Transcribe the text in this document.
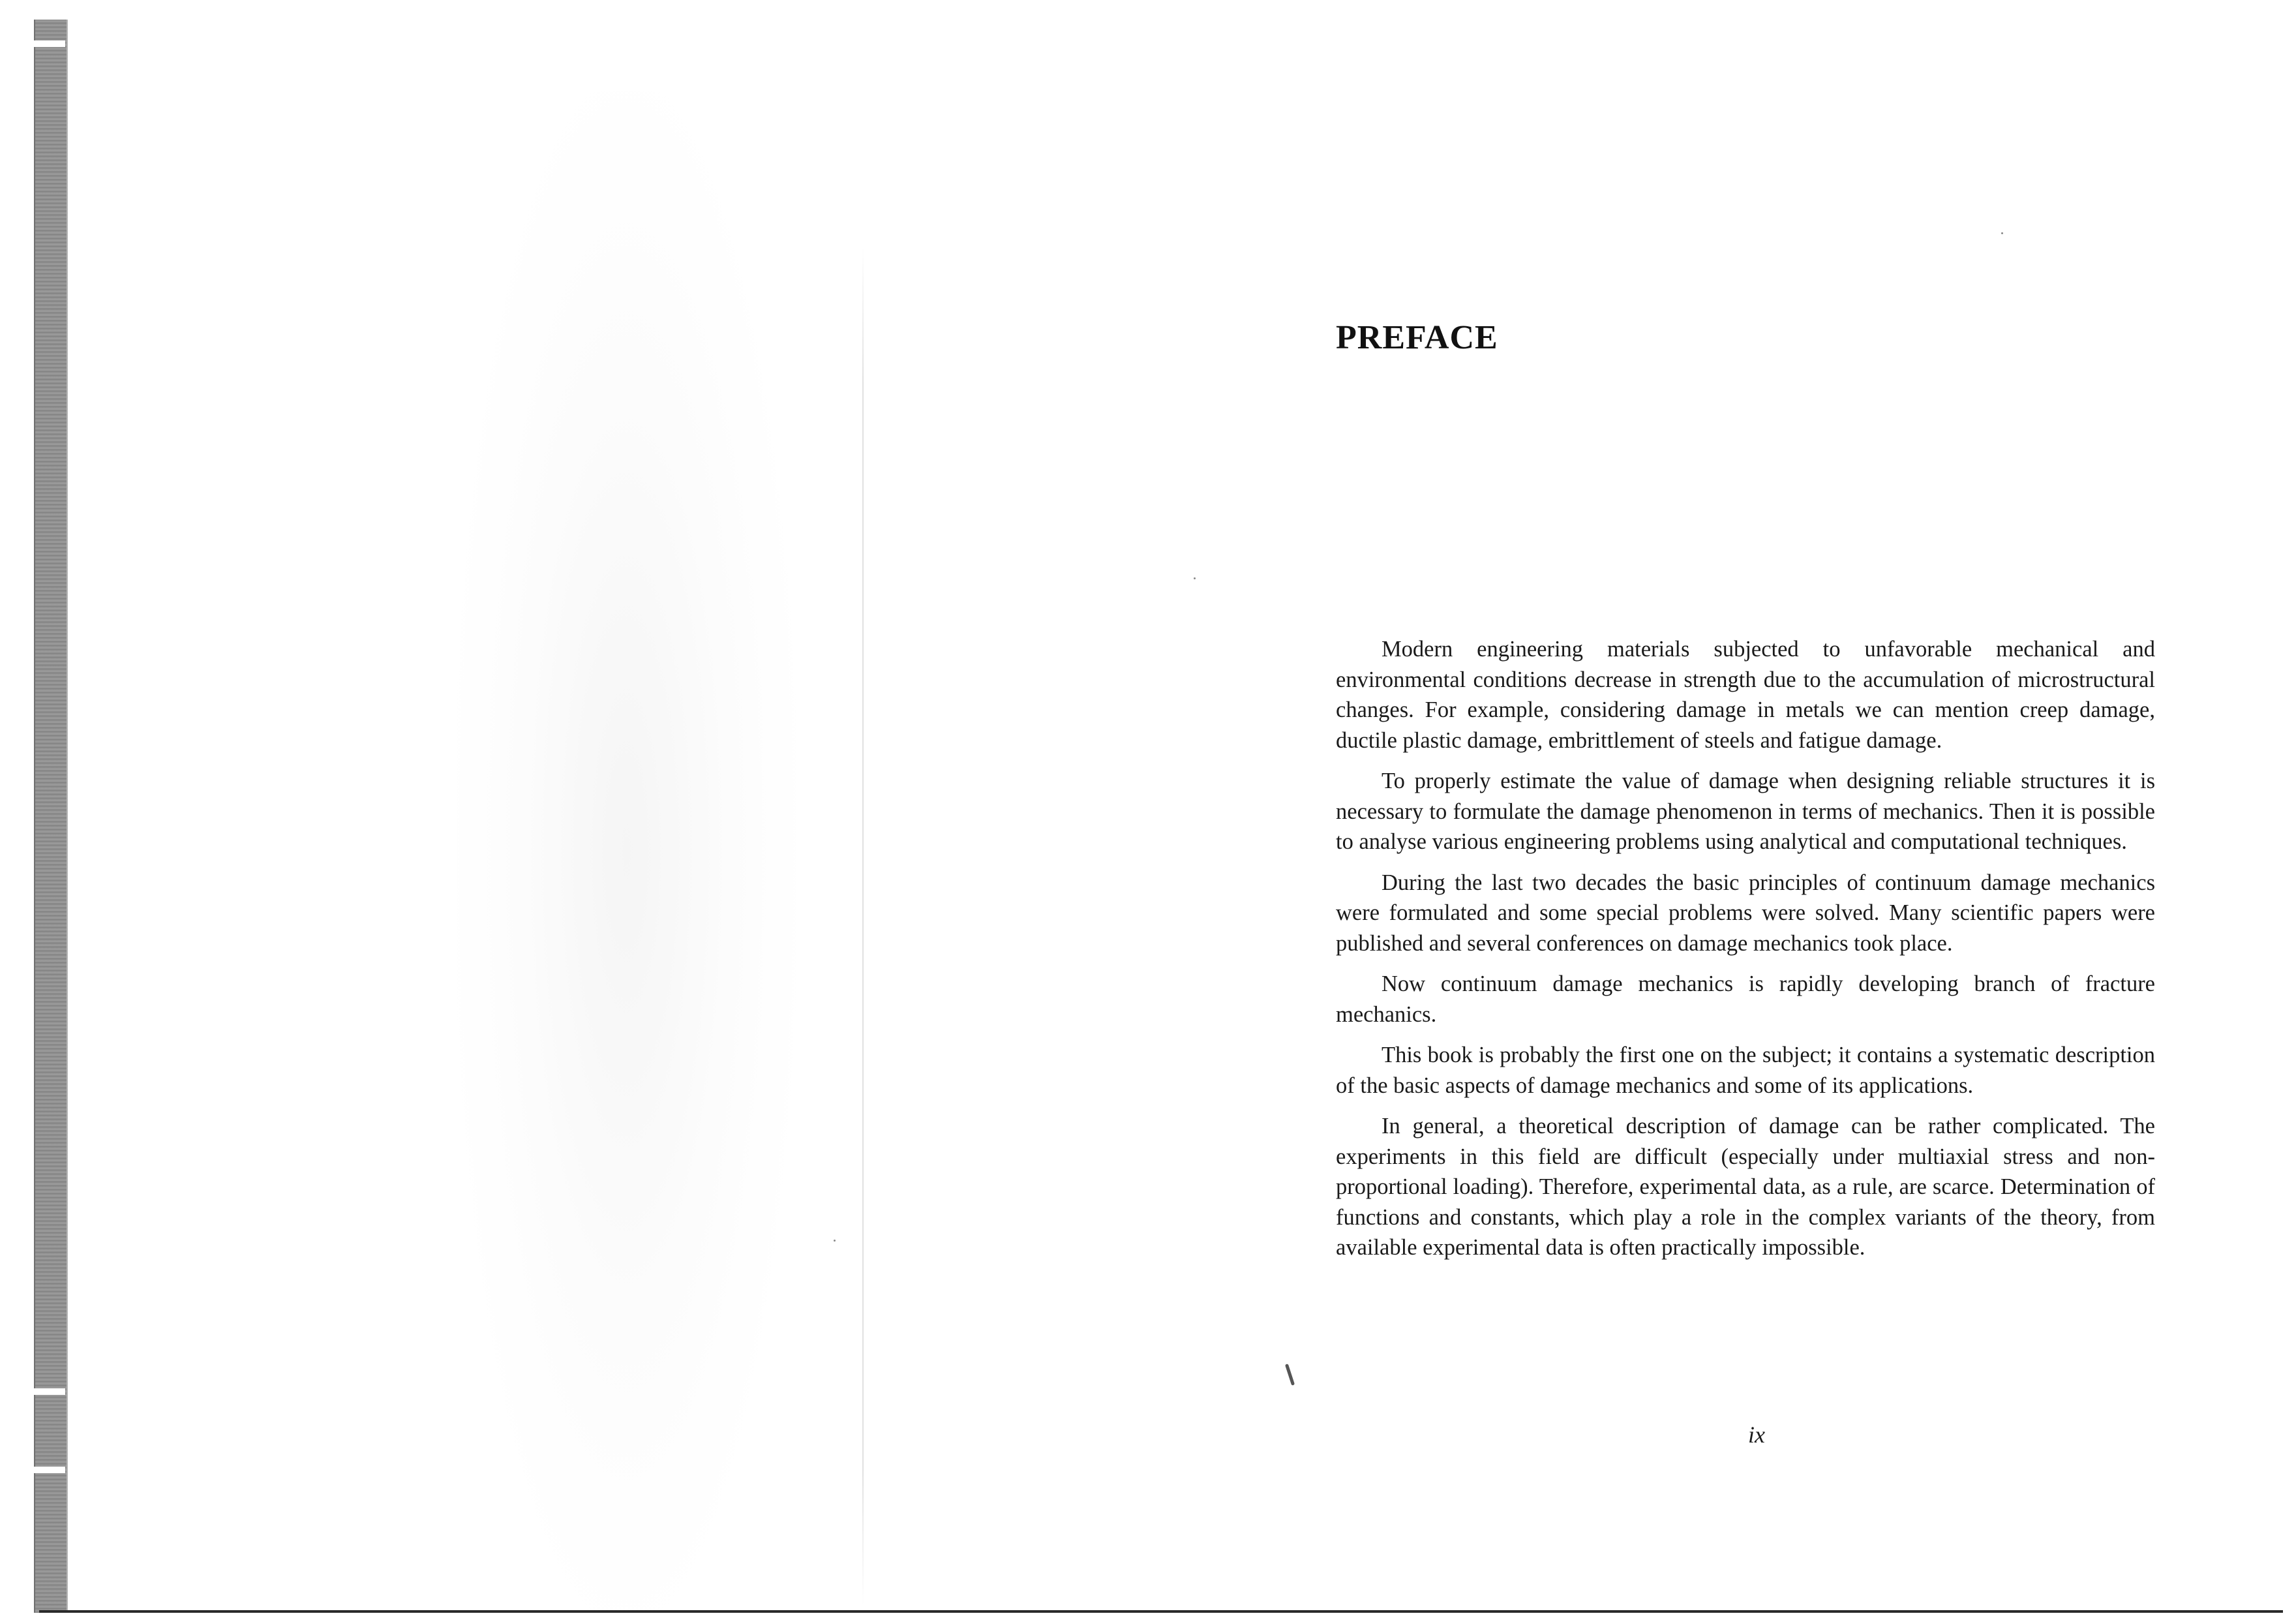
PREFACE

Modern engineering materials subjected to unfavorable mechanical and environmental conditions decrease in strength due to the accumulation of microstructural changes. For example, considering damage in metals we can mention creep damage, ductile plastic damage, embrittlement of steels and fatigue damage.

To properly estimate the value of damage when designing reliable structures it is necessary to formulate the damage phenomenon in terms of mechanics. Then it is possible to analyse various engineering problems using analytical and computational techniques.

During the last two decades the basic principles of continuum damage mechanics were formulated and some special problems were solved. Many scientific papers were published and several conferences on damage mechanics took place.

Now continuum damage mechanics is rapidly developing branch of fracture mechanics.

This book is probably the first one on the subject; it contains a systematic description of the basic aspects of damage mechanics and some of its applications.

In general, a theoretical description of damage can be rather complicated. The experiments in this field are difficult (especially under multiaxial stress and non-proportional loading). Therefore, experimental data, as a rule, are scarce. Determination of functions and constants, which play a role in the complex variants of the theory, from available experimental data is often practically impossible.

ix
